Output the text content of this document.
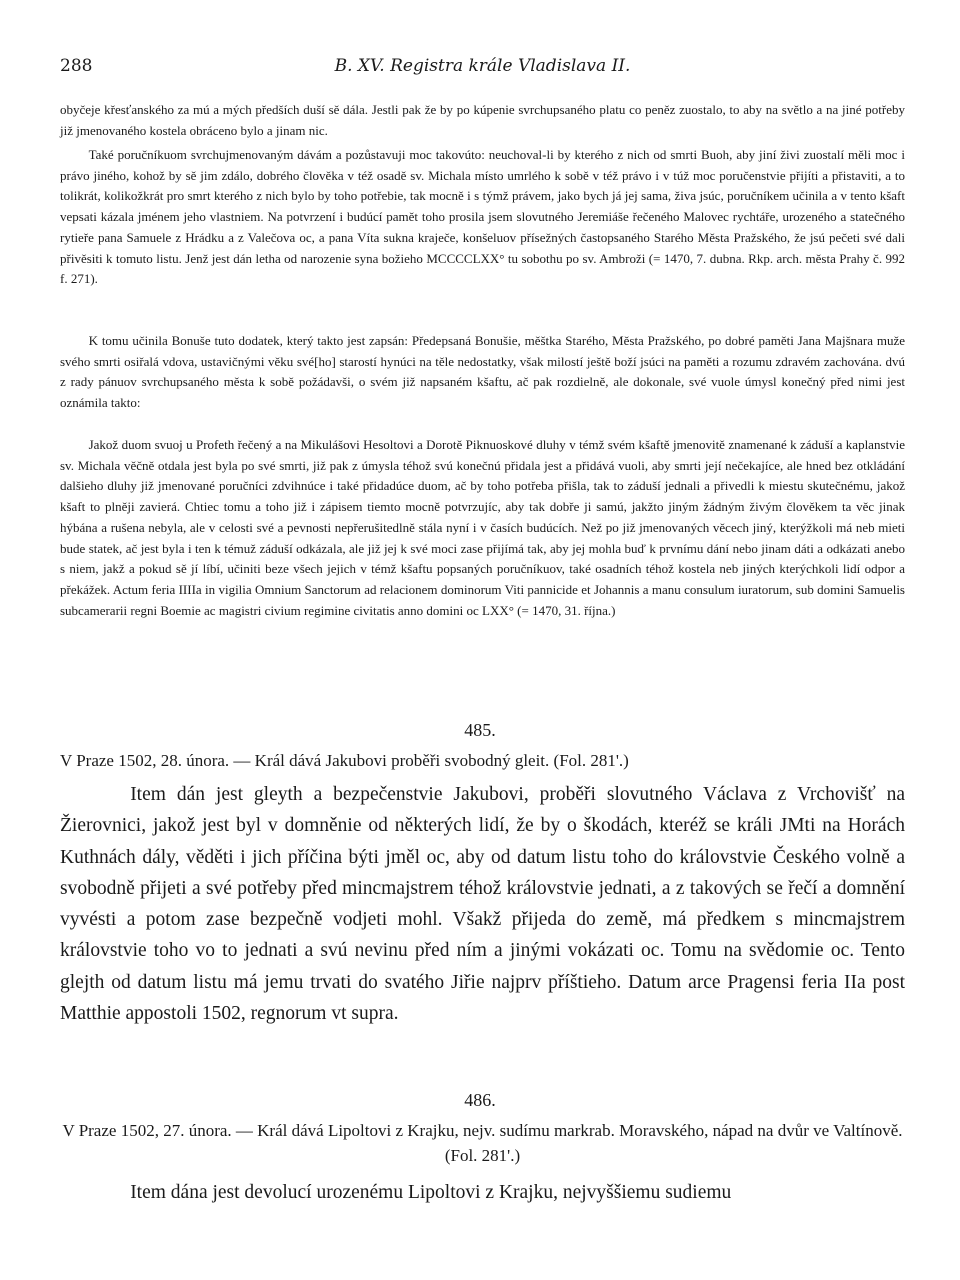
288	B. XV. Registra krále Vladislava II.

obyčeje křesťanského za mú a mých předších duší sě dála. Jestli pak že by po kúpenie svrchupsaného platu co peněz zuostalo, to aby na světlo a na jiné potřeby již jmenovaného kostela obráceno bylo a jinam nic.

Také poručníkuom svrchujmenovaným dávám a pozůstavuji moc takovúto: neuchoval-li by kterého z nich od smrti Buoh, aby jiní živi zuostalí měli moc i právo jiného, kohož by sě jim zdálo, dobrého člověka v též osadě sv. Michala místo umrlého k sobě v též právo i v túž moc poručenstvie přijíti a přistaviti, a to tolikrát, kolikožkrát pro smrt kterého z nich bylo by toho potřebie, tak mocně i s týmž právem, jako bych já jej sama, živa jsúc, poručníkem učinila a v tento kšaft vepsati kázala jménem jeho vlastniem. Na potvrzení i budúcí pamět toho prosila jsem slovutného Jeremiáše řečeného Malovec rychtáře, urozeného a statečného rytieře pana Samuele z Hrádku a z Valečova oc, a pana Víta sukna kraječe, konšeluov přísežných častopsaného Starého Města Pražského, že jsú pečeti své dali přivěsiti k tomuto listu. Jenž jest dán letha od narozenie syna božieho MCCCCLXX° tu sobothu po sv. Ambroži (= 1470, 7. dubna. Rkp. arch. města Prahy č. 992 f. 271).

K tomu učinila Bonuše tuto dodatek, který takto jest zapsán: Předepsaná Bonušie, měštka Starého, Města Pražského, po dobré paměti Jana Majšnara muže svého smrti osiřalá vdova, ustavičnými věku své[ho] starostí hynúci na těle nedostatky, však milostí ještě boží jsúci na paměti a rozumu zdravém zachována. dvú z rady pánuov svrchupsaného města k sobě požádavši, o svém již napsaném kšaftu, ač pak rozdielně, ale dokonale, své vuole úmysl konečný před nimi jest oznámila takto:

Jakož duom svuoj u Profeth řečený a na Mikulášovi Hesoltovi a Dorotě Piknuoskové dluhy v témž svém kšaftě jmenovitě znamenané k záduší a kaplanstvie sv. Michala věčně otdala jest byla po své smrti, již pak z úmysla téhož svú konečnú přidala jest a přidává vuoli, aby smrti její nečekajíce, ale hned bez otkládání dalšieho dluhy již jmenované poručníci zdvihnúce i také přidadúce duom, ač by toho potřeba přišla, tak to záduší jednali a přivedli k miestu skutečnému, jakož kšaft to plněji zavierá. Chtiec tomu a toho již i zápisem tiemto mocně potvrzujíc, aby tak dobře ji samú, jakžto jiným žádným živým člověkem ta věc jinak hýbána a rušena nebyla, ale v celosti své a pevnosti nepřerušitedlně stála nyní i v časích budúcích. Než po již jmenovaných věcech jiný, kterýžkoli má neb mieti bude statek, ač jest byla i ten k témuž záduší odkázala, ale již jej k své moci zase přijímá tak, aby jej mohla buď k prvnímu dání nebo jinam dáti a odkázati anebo s niem, jakž a pokud sě jí líbí, učiniti beze všech jejich v témž kšaftu popsaných poručníkuov, také osadních téhož kostela neb jiných kterýchkoli lidí odpor a překážek. Actum feria IIIIa in vigilia Omnium Sanctorum ad relacionem dominorum Viti pannicide et Johannis a manu consulum iuratorum, sub domini Samuelis subcamerarii regni Boemie ac magistri civium regimine civitatis anno domini oc LXX° (= 1470, 31. října.)

485.

V Praze 1502, 28. února. — Král dává Jakubovi proběři svobodný gleit. (Fol. 281'.)

Item dán jest gleyth a bezpečenstvie Jakubovi, proběři slovutného Václava z Vrchovišť na Žierovnici, jakož jest byl v domněnie od některých lidí, že by o škodách, kteréž se králi JMti na Horách Kuthnách dály, věděti i jich příčina býti jměl oc, aby od datum listu toho do královstvie Českého volně a svobodně přijeti a své potřeby před mincmajstrem téhož královstvie jednati, a z takových se řečí a domnění vyvésti a potom zase bezpečně vodjeti mohl. Všakž přijeda do země, má předkem s mincmajstrem královstvie toho vo to jednati a svú nevinu před ním a jinými vokázati oc. Tomu na svědomie oc. Tento glejth od datum listu má jemu trvati do svatého Jiřie najprv příštieho. Datum arce Pragensi feria IIa post Matthie appostoli 1502, regnorum vt supra.

486.

V Praze 1502, 27. února. — Král dává Lipoltovi z Krajku, nejv. sudímu markrab. Moravského, nápad na dvůr ve Valtínově. (Fol. 281'.)

Item dána jest devolucí urozenému Lipoltovi z Krajku, nejvyššiemu sudiemu
